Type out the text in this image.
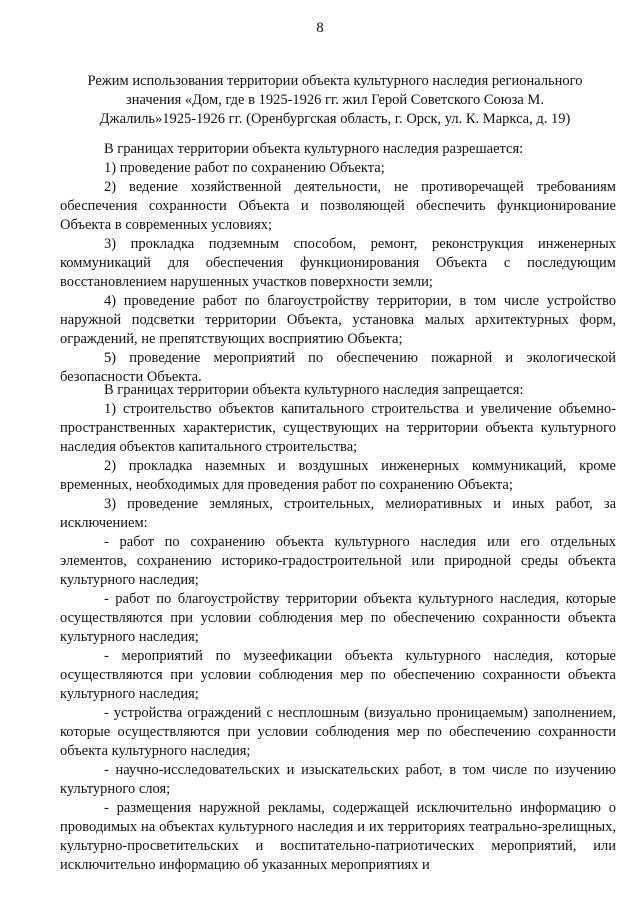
8
Режим использования территории объекта культурного наследия регионального значения «Дом, где в 1925-1926 гг. жил Герой Советского Союза М. Джалиль»1925-1926 гг. (Оренбургская область, г. Орск, ул. К. Маркса, д. 19)

В границах территории объекта культурного наследия разрешается:

1) проведение работ по сохранению Объекта;

2) ведение хозяйственной деятельности, не противоречащей требованиям обеспечения сохранности Объекта и позволяющей обеспечить функционирование Объекта в современных условиях;

3) прокладка подземным способом, ремонт, реконструкция инженерных коммуникаций для обеспечения функционирования Объекта с последующим восстановлением нарушенных участков поверхности земли;

4) проведение работ по благоустройству территории, в том числе устройство наружной подсветки территории Объекта, установка малых архитектурных форм, ограждений, не препятствующих восприятию Объекта;

5) проведение мероприятий по обеспечению пожарной и экологической безопасности Объекта.

В границах территории объекта культурного наследия запрещается:

1) строительство объектов капитального строительства и увеличение объемно-пространственных характеристик, существующих на территории объекта культурного наследия объектов капитального строительства;

2) прокладка наземных и воздушных инженерных коммуникаций, кроме временных, необходимых для проведения работ по сохранению Объекта;

3) проведение земляных, строительных, мелиоративных и иных работ, за исключением:

- работ по сохранению объекта культурного наследия или его отдельных элементов, сохранению историко-градостроительной или природной среды объекта культурного наследия;

- работ по благоустройству территории объекта культурного наследия, которые осуществляются при условии соблюдения мер по обеспечению сохранности объекта культурного наследия;

- мероприятий по музеефикации объекта культурного наследия, которые осуществляются при условии соблюдения мер по обеспечению сохранности объекта культурного наследия;

- устройства ограждений с несплошным (визуально проницаемым) заполнением, которые осуществляются при условии соблюдения мер по обеспечению сохранности объекта культурного наследия;

- научно-исследовательских и изыскательских работ, в том числе по изучению культурного слоя;

- размещения наружной рекламы, содержащей исключительно информацию о проводимых на объектах культурного наследия и их территориях театрально-зрелищных, культурно-просветительских и воспитательно-патриотических мероприятий, или исключительно информацию об указанных мероприятиях и
